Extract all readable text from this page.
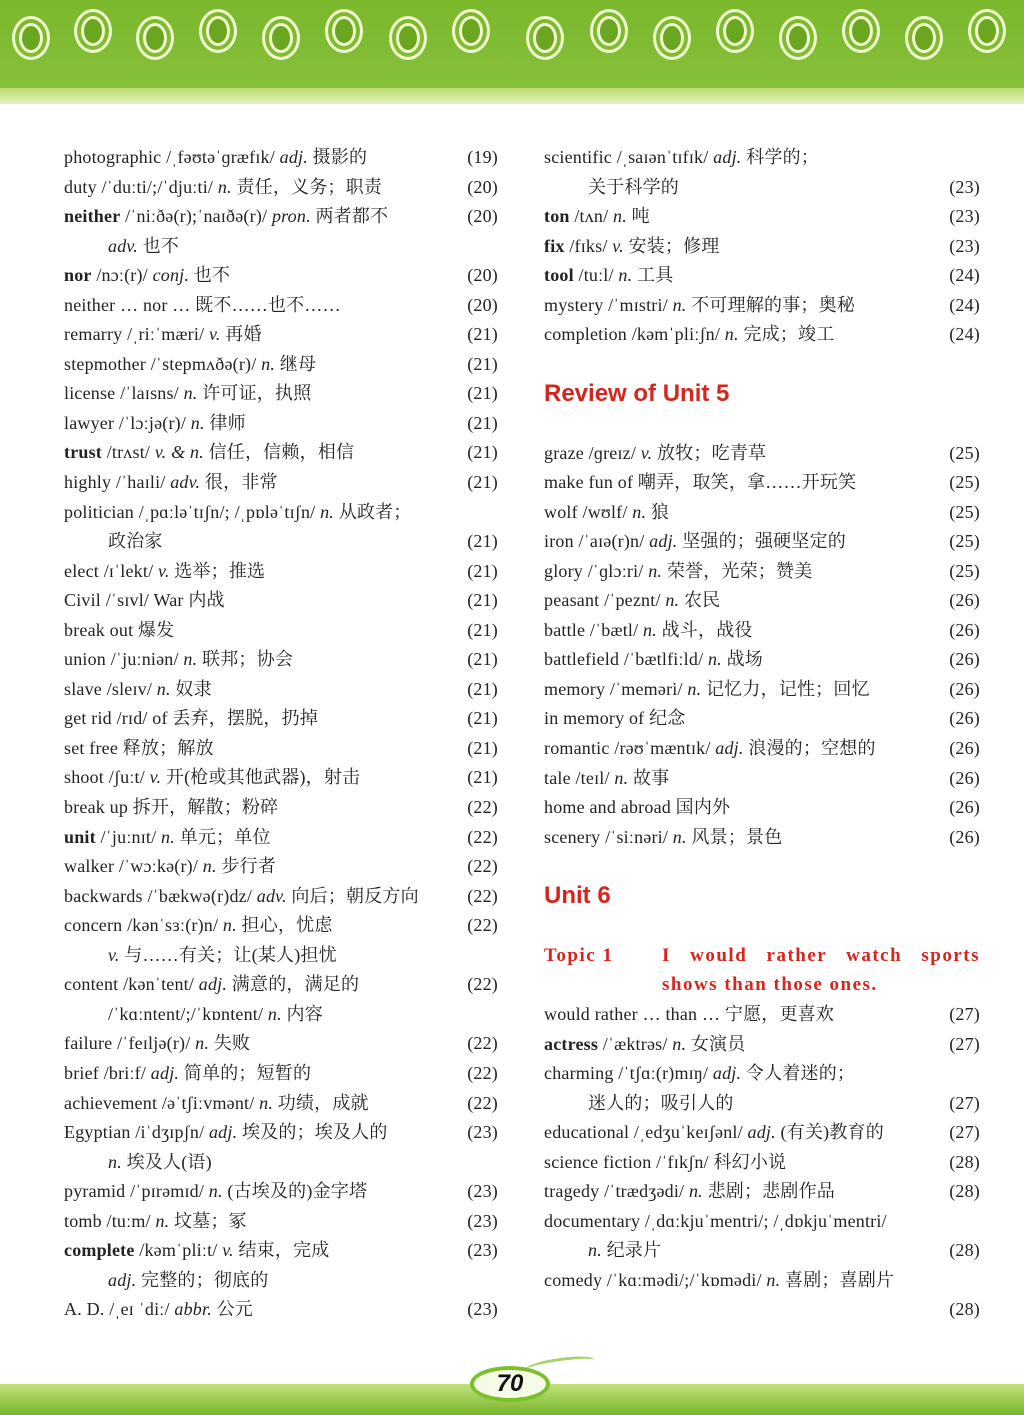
photographic /ˌfəʊtəˈɡræfɪk/ adj. 摄影的	(19)
duty /ˈduːti/;/ˈdjuːti/ n. 责任，义务；职责	(20)
neither /ˈniːðə(r);ˈnaɪðə(r)/ pron. 两者都不	(20)
adv. 也不
nor /nɔː(r)/ conj. 也不	(20)
neither … nor … 既不……也不……	(20)
remarry /ˌriːˈmæri/ v. 再婚	(21)
stepmother /ˈstepmʌðə(r)/ n. 继母	(21)
license /ˈlaɪsns/ n. 许可证，执照	(21)
lawyer /ˈlɔːjə(r)/ n. 律师	(21)
trust /trʌst/ v. & n. 信任，信赖，相信	(21)
highly /ˈhaɪli/ adv. 很，非常	(21)
politician /ˌpɑːləˈtɪʃn/; /ˌpɒləˈtɪʃn/ n. 从政者；
政治家	(21)
elect /ɪˈlekt/ v. 选举；推选	(21)
Civil /ˈsɪvl/ War 内战	(21)
break out 爆发	(21)
union /ˈjuːniən/ n. 联邦；协会	(21)
slave /sleɪv/ n. 奴隶	(21)
get rid /rɪd/ of 丢弃，摆脱，扔掉	(21)
set free 释放；解放	(21)
shoot /ʃuːt/ v. 开(枪或其他武器)，射击	(21)
break up 拆开，解散；粉碎	(22)
unit /ˈjuːnɪt/ n. 单元；单位	(22)
walker /ˈwɔːkə(r)/ n. 步行者	(22)
backwards /ˈbækwə(r)dz/ adv. 向后；朝反方向	(22)
concern /kənˈsɜː(r)n/ n. 担心，忧虑	(22)
v. 与……有关；让(某人)担忧
content /kənˈtent/ adj. 满意的，满足的	(22)
/ˈkɑːntent/;/ˈkɒntent/ n. 内容
failure /ˈfeɪljə(r)/ n. 失败	(22)
brief /briːf/ adj. 简单的；短暂的	(22)
achievement /əˈtʃiːvmənt/ n. 功绩，成就	(22)
Egyptian /iˈdʒɪpʃn/ adj. 埃及的；埃及人的	(23)
n. 埃及人(语)
pyramid /ˈpɪrəmɪd/ n. (古埃及的)金字塔	(23)
tomb /tuːm/ n. 坟墓；冢	(23)
complete /kəmˈpliːt/ v. 结束，完成	(23)
adj. 完整的；彻底的
A. D. /ˌeɪ ˈdiː/ abbr. 公元	(23)
scientific /ˌsaɪənˈtɪfɪk/ adj. 科学的；
关于科学的	(23)
ton /tʌn/ n. 吨	(23)
fix /fɪks/ v. 安装；修理	(23)
tool /tuːl/ n. 工具	(24)
mystery /ˈmɪstri/ n. 不可理解的事；奥秘	(24)
completion /kəmˈpliːʃn/ n. 完成；竣工	(24)
Review of Unit 5
graze /ɡreɪz/ v. 放牧；吃青草	(25)
make fun of 嘲弄，取笑，拿……开玩笑	(25)
wolf /wʊlf/ n. 狼	(25)
iron /ˈaɪə(r)n/ adj. 坚强的；强硬坚定的	(25)
glory /ˈɡlɔːri/ n. 荣誉，光荣；赞美	(25)
peasant /ˈpeznt/ n. 农民	(26)
battle /ˈbætl/ n. 战斗，战役	(26)
battlefield /ˈbætlfiːld/ n. 战场	(26)
memory /ˈmeməri/ n. 记忆力，记性；回忆	(26)
in memory of 纪念	(26)
romantic /rəʊˈmæntɪk/ adj. 浪漫的；空想的	(26)
tale /teɪl/ n. 故事	(26)
home and abroad 国内外	(26)
scenery /ˈsiːnəri/ n. 风景；景色	(26)
Unit 6
Topic 1	I would rather watch sports shows than those ones.
would rather … than … 宁愿，更喜欢	(27)
actress /ˈæktrəs/ n. 女演员	(27)
charming /ˈtʃɑː(r)mɪŋ/ adj. 令人着迷的；
迷人的；吸引人的	(27)
educational /ˌedʒuˈkeɪʃənl/ adj. (有关)教育的	(27)
science fiction /ˈfɪkʃn/ 科幻小说	(28)
tragedy /ˈtrædʒədi/ n. 悲剧；悲剧作品	(28)
documentary /ˌdɑːkjuˈmentri/; /ˌdɒkjuˈmentri/
n. 纪录片	(28)
comedy /ˈkɑːmədi/;/ˈkɒmədi/ n. 喜剧；喜剧片
(28)
70
